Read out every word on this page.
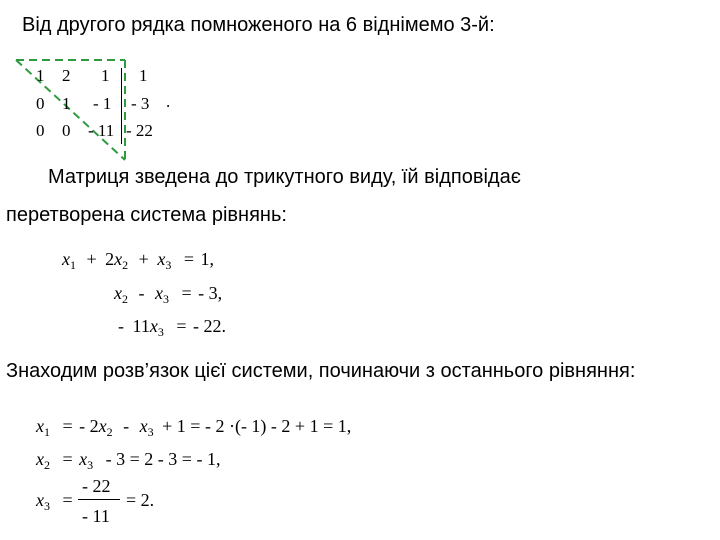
Від другого рядка помноженого на 6 віднімемо 3-й:
1 2 1 1
0 1 - 1 - 3
0 0 - 11 - 22
.
Матриця зведена до трикутного виду, їй відповідає
перетворена система рівнянь:
$x_1 + 2x_2 + x_3 = 1$,
$x_2 - x_3$ = - 3,
- $11x_3$ = - 22.
Знаходим розв’язок цієї системи, починаючи з останнього рівняння:
$x_1$ = - $2x_2 - x_3 + 1$ = - 2 ·(- 1) - 2 + 1 = 1,
$x_2 = x_3 - 3 = 2 - 3$ = - 1,
$x_3$ =
- 22
- 11
= 2.
